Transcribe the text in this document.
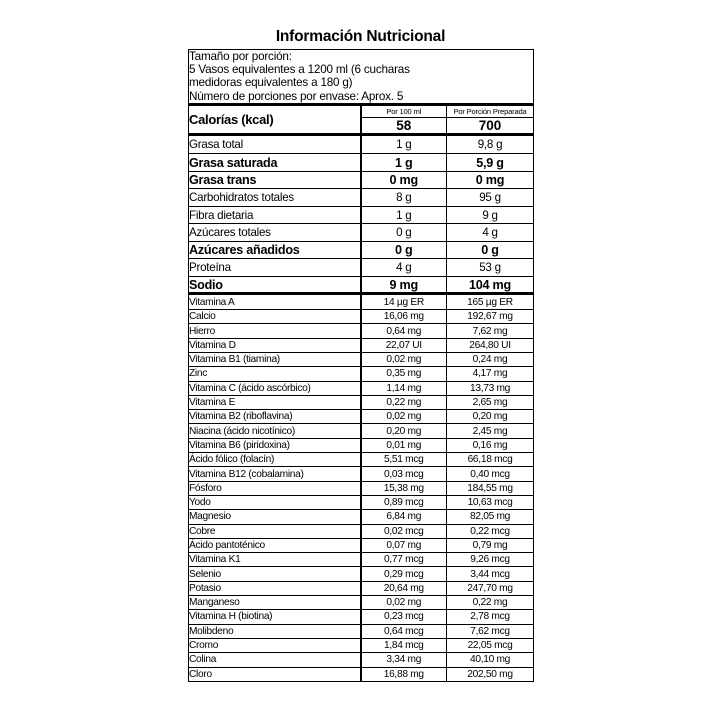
Información Nutricional
Tamaño por porción:
5 Vasos equivalentes a 1200 ml (6 cucharas
medidoras equivalentes a 180 g)
Número de porciones por envase: Aprox. 5		

Calorías (kcal)	Por 100 ml	Por Porción Preparada
	58	700

Grasa total	1 g	9,8 g
Grasa saturada	1 g	5,9 g
Grasa trans	0 mg	0 mg
Carbohidratos totales	8 g	95 g
Fibra dietaria	1 g	9 g
Azúcares totales	0 g	4 g
Azúcares añadidos	0 g	0 g
Proteína	4 g	53 g
Sodio	9 mg	104 mg

Vitamina A	14 µg ER	165 µg ER
Calcio	16,06 mg	192,67 mg
Hierro	0,64 mg	7,62 mg
Vitamina D	22,07 UI	264,80 UI
Vitamina B1 (tiamina)	0,02 mg	0,24 mg
Zinc	0,35 mg	4,17 mg
Vitamina C (ácido ascórbico)	1,14 mg	13,73 mg
Vitamina E	0,22 mg	2,65 mg
Vitamina B2 (riboflavina)	0,02 mg	0,20 mg
Niacina (ácido nicotínico)	0,20 mg	2,45 mg
Vitamina B6 (piridoxina)	0,01 mg	0,16 mg
Ácido fólico (folacín)	5,51 mcg	66,18 mcg
Vitamina B12 (cobalamina)	0,03 mcg	0,40 mcg
Fósforo	15,38 mg	184,55 mg
Yodo	0,89 mcg	10,63 mcg
Magnesio	6,84 mg	82,05 mg
Cobre	0,02 mcg	0,22 mcg
Ácido pantoténico	0,07 mg	0,79 mg
Vitamina K1	0,77 mcg	9,26 mcg
Selenio	0,29 mcg	3,44 mcg
Potasio	20,64 mg	247,70 mg
Manganeso	0,02 mg	0,22 mg
Vitamina H (biotina)	0,23 mcg	2,78 mcg
Molibdeno	0,64 mcg	7,62 mcg
Cromo	1,84 mcg	22,05 mcg
Colina	3,34 mg	40,10 mg
Cloro	16,88 mg	202,50 mg
